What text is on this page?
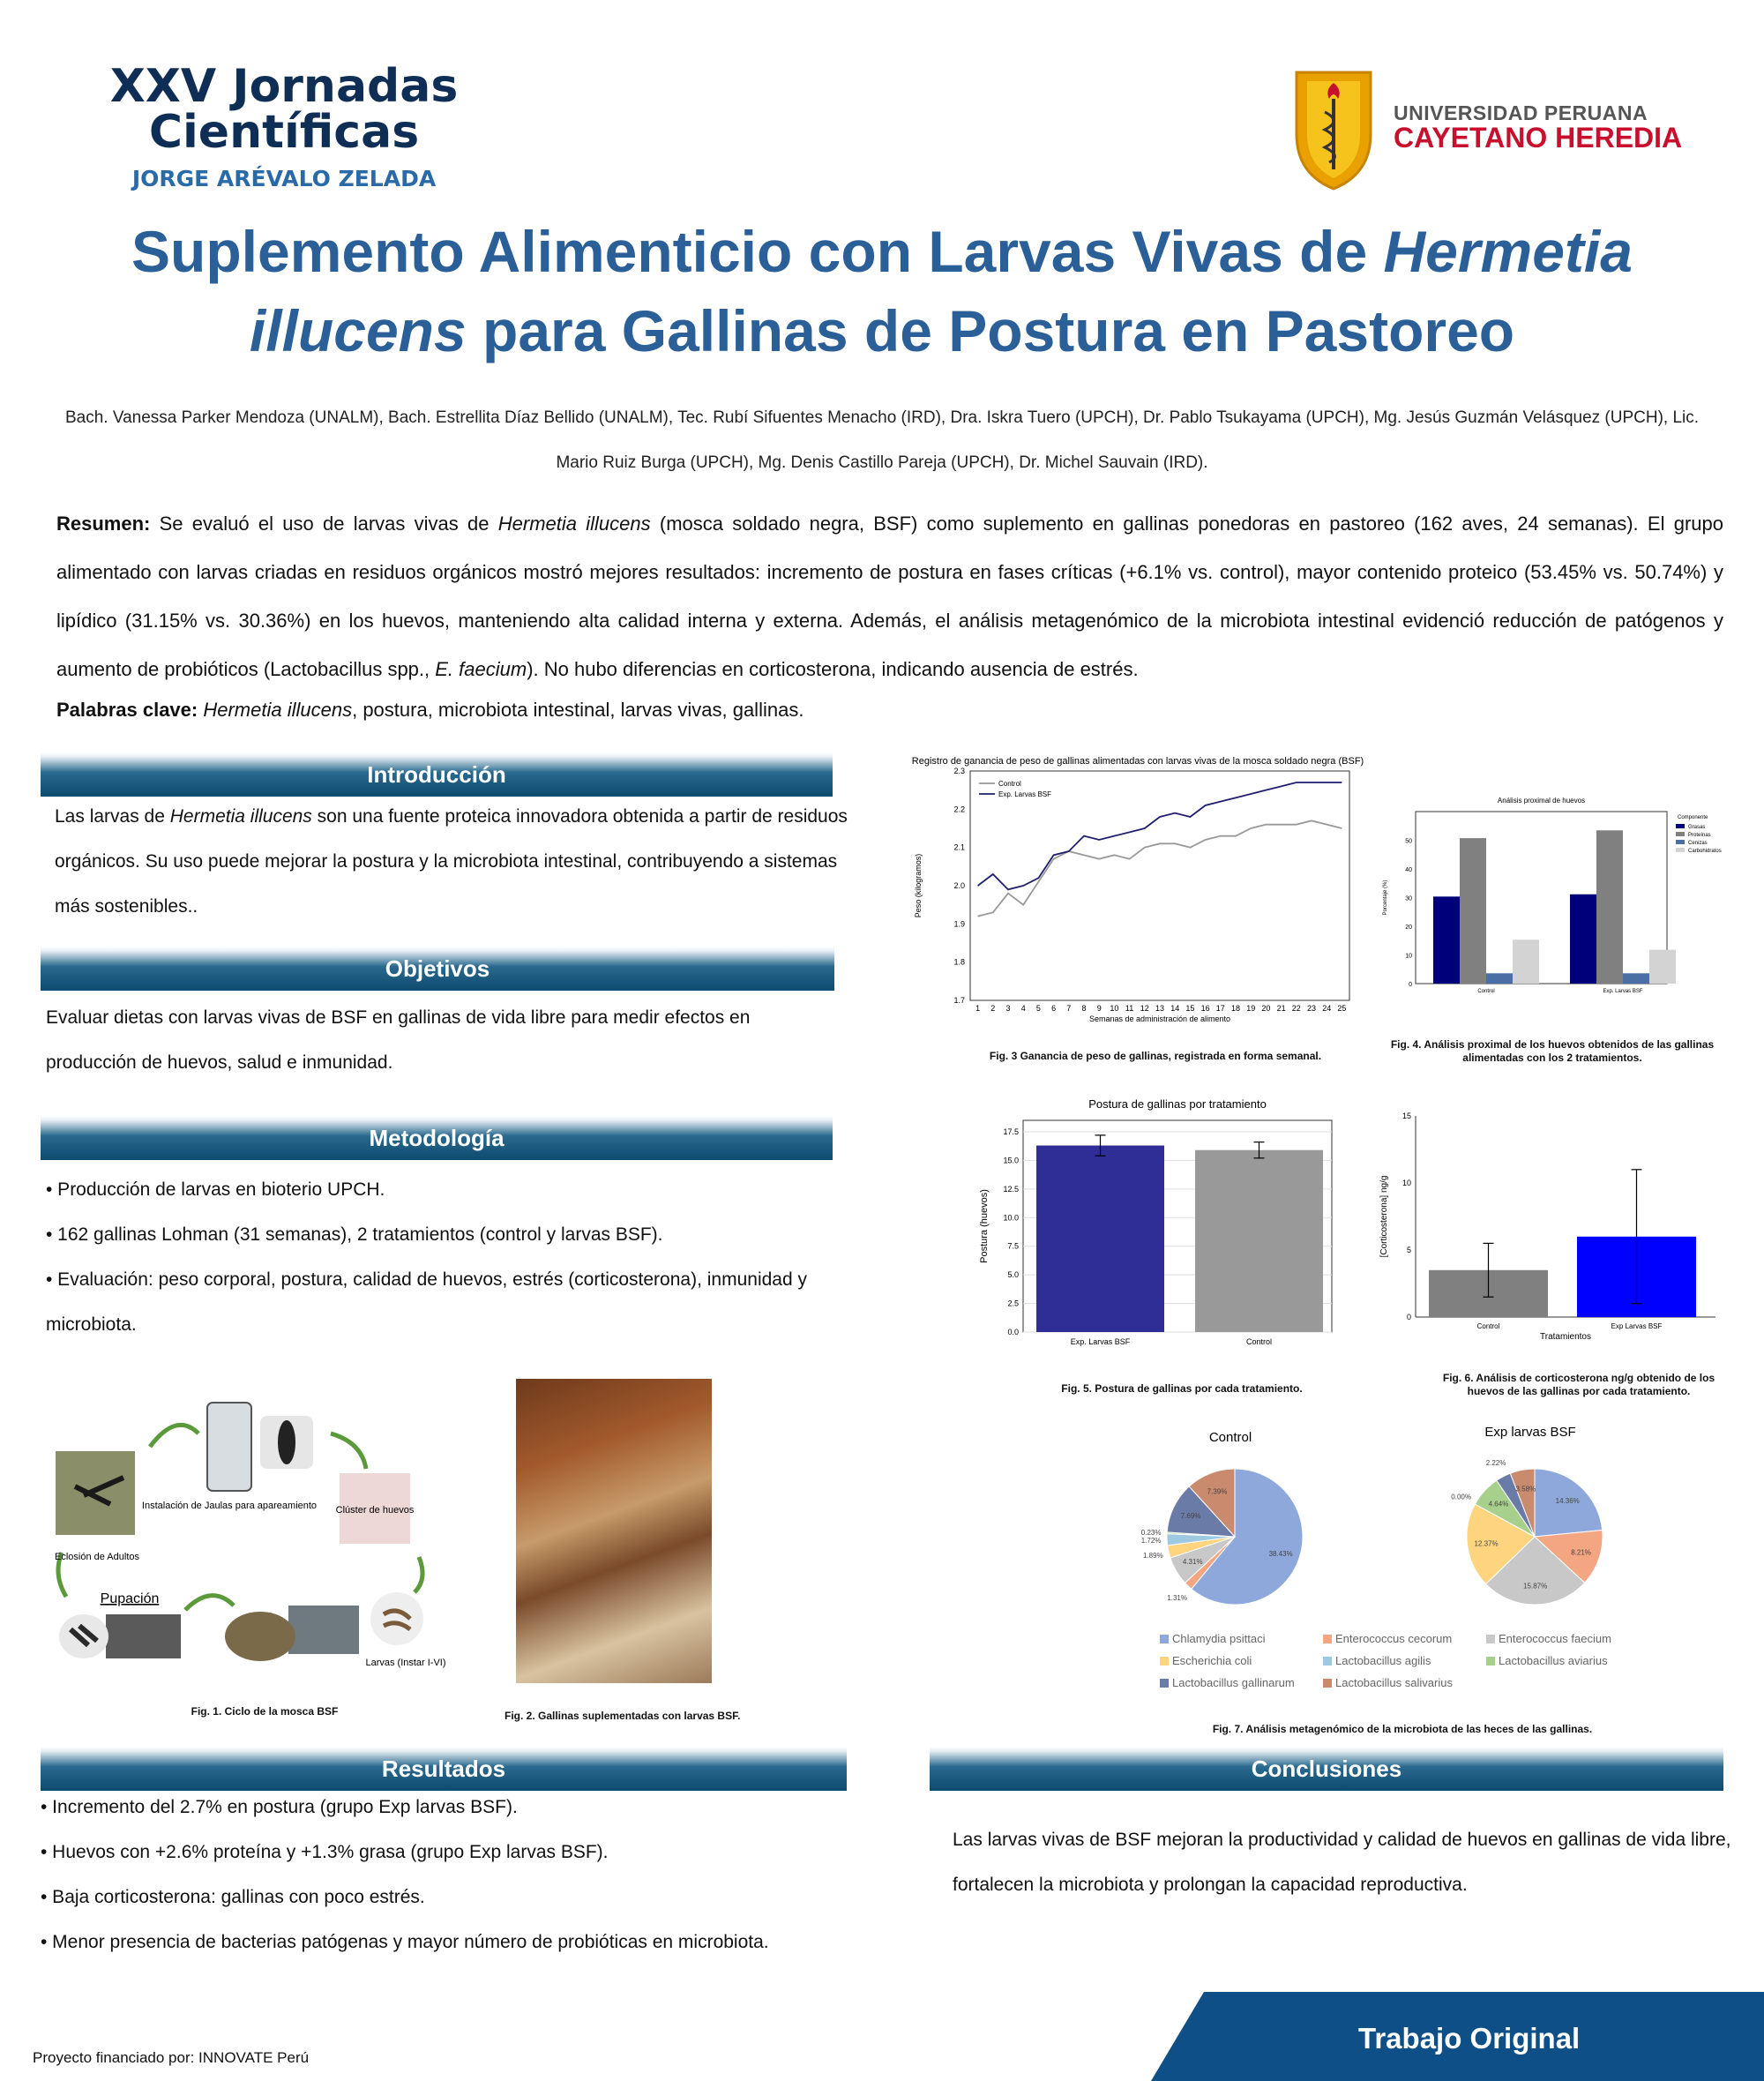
XXV Jornadas
Científicas
JORGE ARÉVALO ZELADA
UNIVERSIDAD PERUANA
CAYETANO HEREDIA
Suplemento Alimenticio con Larvas Vivas de Hermetia illucens para Gallinas de Postura en Pastoreo
Bach. Vanessa Parker Mendoza (UNALM), Bach. Estrellita Díaz Bellido (UNALM), Tec. Rubí Sifuentes Menacho (IRD), Dra. Iskra Tuero (UPCH), Dr. Pablo Tsukayama (UPCH), Mg. Jesús Guzmán Velásquez (UPCH), Lic. Mario Ruiz Burga (UPCH), Mg. Denis Castillo Pareja (UPCH), Dr. Michel Sauvain (IRD).
Resumen: Se evaluó el uso de larvas vivas de Hermetia illucens (mosca soldado negra, BSF) como suplemento en gallinas ponedoras en pastoreo (162 aves, 24 semanas). El grupo alimentado con larvas criadas en residuos orgánicos mostró mejores resultados: incremento de postura en fases críticas (+6.1% vs. control), mayor contenido proteico (53.45% vs. 50.74%) y lipídico (31.15% vs. 30.36%) en los huevos, manteniendo alta calidad interna y externa. Además, el análisis metagenómico de la microbiota intestinal evidenció reducción de patógenos y aumento de probióticos (Lactobacillus spp., E. faecium). No hubo diferencias en corticosterona, indicando ausencia de estrés.
Palabras clave: Hermetia illucens, postura, microbiota intestinal, larvas vivas, gallinas.
Introducción
Las larvas de Hermetia illucens son una fuente proteica innovadora obtenida a partir de residuos orgánicos. Su uso puede mejorar la postura y la microbiota intestinal, contribuyendo a sistemas más sostenibles..
Objetivos
Evaluar dietas con larvas vivas de BSF en gallinas de vida libre para medir efectos en producción de huevos, salud e inmunidad.
Metodología
• Producción de larvas en bioterio UPCH.
• 162 gallinas Lohman (31 semanas), 2 tratamientos (control y larvas BSF).
• Evaluación: peso corporal, postura, calidad de huevos, estrés (corticosterona), inmunidad y microbiota.
Instalación de Jaulas para apareamiento Clúster de huevos
Eclosión de Adultos
Pupación
Larvas (Instar I-VI)
Fig. 1. Ciclo de la mosca BSF	Fig. 2. Gallinas suplementadas con larvas BSF.
Resultados
• Incremento del 2.7% en postura (grupo Exp larvas BSF).
• Huevos con +2.6% proteína y +1.3% grasa (grupo Exp larvas BSF).
• Baja corticosterona: gallinas con poco estrés.
• Menor presencia de bacterias patógenas y mayor número de probióticas en microbiota.
Registro de ganancia de peso de gallinas alimentadas con larvas vivas de la mosca soldado negra (BSF)
1.7
1.8
1.9
2.0
2.1
2.2
2.3
1 2 3 4 5 6 7 8 9 10 11 12 13 14 15 16 17 18 19 20 21 22 23 24 25
Semanas de administración de alimento
Peso (kilogramos)
Control
Exp. Larvas BSF
Fig. 3 Ganancia de peso de gallinas, registrada en forma semanal.
Análisis proximal de huevos
0
10
20
30
40
50
Porcentaje (%)
Control	Exp. Larvas BSF
Componente
Grasas
Proteínas
Cenizas
Carbohidratos
Fig. 4. Análisis proximal de los huevos obtenidos de las gallinas alimentadas con los 2 tratamientos.
Postura de gallinas por tratamiento
0.0
2.5
5.0
7.5
10.0
12.5
15.0
17.5
Postura (huevos)
Exp. Larvas BSF	Control
Fig. 5. Postura de gallinas por cada tratamiento.
0
5
10
15
[Corticosterona] ng/g
Control	Exp Larvas BSF
Tratamientos
Fig. 6. Análisis de corticosterona ng/g obtenido de los huevos de las gallinas por cada tratamiento.
Control
38.43%
1.31%
4.31%
1.89%
1.72%
0.23%
7.69%
7.39%
Exp larvas BSF
14.36%
8.21%
15.87%
12.37%
0.00%
4.64%
2.22%
3.58%
Chlamydia psittaci	Enterococcus cecorum	Enterococcus faecium
Escherichia coli	Lactobacillus agilis	Lactobacillus aviarius
Lactobacillus gallinarum	Lactobacillus salivarius
Fig. 7. Análisis metagenómico de la microbiota de las heces de las gallinas.
Conclusiones
Las larvas vivas de BSF mejoran la productividad y calidad de huevos en gallinas de vida libre, fortalecen la microbiota y prolongan la capacidad reproductiva.
Proyecto financiado por: INNOVATE Perú
Trabajo Original
